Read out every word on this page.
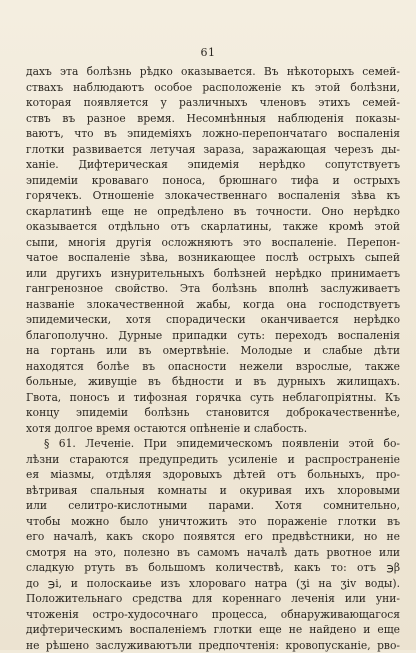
61
дахъ эта болѣзнь рѣдко оказывается. Въ нѣкоторыхъ семей-
ствахъ наблюдаютъ особое расположеніе къ этой болѣзни,
которая появляется у различныхъ членовъ этихъ семей-
ствъ въ разное время. Несомнѣнныя наблюденія показы-
ваютъ, что въ эпидеміяхъ ложно-перепончатаго воспаленія
глотки развивается летучая зараза, заражающая черезъ ды-
ханіе. Дифтерическая эпидемія нерѣдко сопутствуетъ
эпидеміи кроваваго поноса, брюшнаго тифа и острыхъ
горячекъ. Отношеніе злокачественнаго воспаленія зѣва къ
скарлатинѣ еще не опредѣлено въ точности. Оно нерѣдко
оказывается отдѣльно отъ скарлатины, также кромѣ этой
сыпи, многія другія осложняютъ это воспаленіе. Перепон-
чатое воспаленіе зѣва, возникающее послѣ острыхъ сыпей
или другихъ изнурительныхъ болѣзней нерѣдко принимаетъ
гангренозное свойство. Эта болѣзнь вполнѣ заслуживаетъ
названіе злокачественной жабы, когда она господствуетъ
эпидемически, хотя спорадически оканчивается нерѣдко
благополучно. Дурные припадки суть: переходъ воспаленія
на гортань или въ омертвѣніе. Молодые и слабые дѣти
находятся болѣе въ опасности нежели взрослые, также
больные, живущіе въ бѣдности и въ дурныхъ жилищахъ.
Гвота, поносъ и тифозная горячка суть неблагопріятны. Къ
концу эпидеміи болѣзнь становится доброкачественнѣе,
хотя долгое время остаются опѣненіе и слабость.
§ 61. Леченіе. При эпидемическомъ появленіи этой бо-
лѣзни стараются предупредить усиленіе и распространеніе
ея міазмы, отдѣляя здоровыхъ дѣтей отъ больныхъ, про-
вѣтривая спальныя комнаты и окуривая ихъ хлоровыми
или селитро-кислотными парами. Хотя сомнительно,
чтобы можно было уничтожить это пораженіе глотки въ
его началѣ, какъ скоро появятся его предвѣстники, но не
смотря на это, полезно въ самомъ началѣ дать рвотное или
сладкую ртуть въ большомъ количествѣ, какъ то: отъ ℈β
до ℈і, и полоскаиье изъ хлороваго натра (ʒі на ʒiv воды).
Положительнаго средства для кореннаго леченія или уни-
чтоженія остро-худосочнаго процесса, обнаруживающагося
дифтерическимъ воспаленіемъ глотки еще не найдено и еще
не рѣшено заслуживаютъли предпочтенія: кровопусканіе, рво-
